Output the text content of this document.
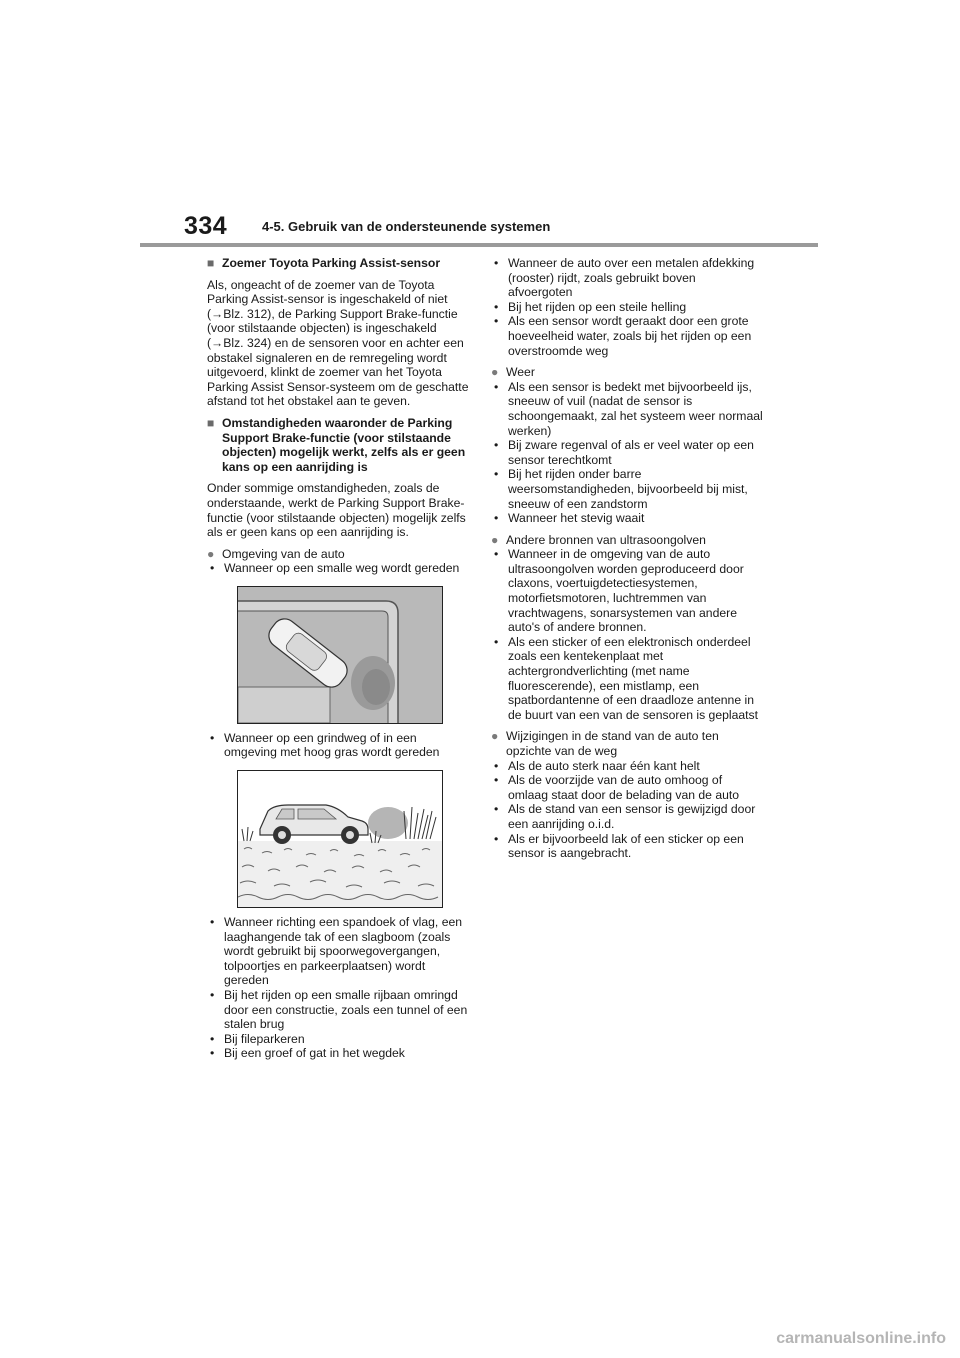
334	4-5. Gebruik van de ondersteunende systemen
■ Zoemer Toyota Parking Assist-sensor

Als, ongeacht of de zoemer van de Toyota Parking Assist-sensor is ingeschakeld of niet (→Blz. 312), de Parking Support Brake-functie (voor stilstaande objecten) is ingeschakeld (→Blz. 324) en de sensoren voor en achter een obstakel signaleren en de remregeling wordt uitgevoerd, klinkt de zoemer van het Toyota Parking Assist Sensor-systeem om de geschatte afstand tot het obstakel aan te geven.

■ Omstandigheden waaronder de Parking Support Brake-functie (voor stilstaande objecten) mogelijk werkt, zelfs als er geen kans op een aanrijding is

Onder sommige omstandigheden, zoals de onderstaande, werkt de Parking Support Brake-functie (voor stilstaande objecten) mogelijk zelfs als er geen kans op een aanrijding is.

● Omgeving van de auto
• Wanneer op een smalle weg wordt gereden
• Wanneer op een grindweg of in een omgeving met hoog gras wordt gereden
• Wanneer richting een spandoek of vlag, een laaghangende tak of een slagboom (zoals wordt gebruikt bij spoorwegovergangen, tolpoortjes en parkeerplaatsen) wordt gereden
• Bij het rijden op een smalle rijbaan omringd door een constructie, zoals een tunnel of een stalen brug
• Bij fileparkeren
• Bij een groef of gat in het wegdek
• Wanneer de auto over een metalen afdekking (rooster) rijdt, zoals gebruikt boven afvoergoten
• Bij het rijden op een steile helling
• Als een sensor wordt geraakt door een grote hoeveelheid water, zoals bij het rijden op een overstroomde weg
● Weer
• Als een sensor is bedekt met bijvoorbeeld ijs, sneeuw of vuil (nadat de sensor is schoongemaakt, zal het systeem weer normaal werken)
• Bij zware regenval of als er veel water op een sensor terechtkomt
• Bij het rijden onder barre weersomstandigheden, bijvoorbeeld bij mist, sneeuw of een zandstorm
• Wanneer het stevig waait
● Andere bronnen van ultrasoongolven
• Wanneer in de omgeving van de auto ultrasoongolven worden geproduceerd door claxons, voertuigdetectiesystemen, motorfietsmotoren, luchtremmen van vrachtwagens, sonarsystemen van andere auto's of andere bronnen.
• Als een sticker of een elektronisch onderdeel zoals een kentekenplaat met achtergrondverlichting (met name fluorescerende), een mistlamp, een spatbordantenne of een draadloze antenne in de buurt van een van de sensoren is geplaatst
● Wijzigingen in de stand van de auto ten opzichte van de weg
• Als de auto sterk naar één kant helt
• Als de voorzijde van de auto omhoog of omlaag staat door de belading van de auto
• Als de stand van een sensor is gewijzigd door een aanrijding o.i.d.
• Als er bijvoorbeeld lak of een sticker op een sensor is aangebracht.
carmanualsonline.info
